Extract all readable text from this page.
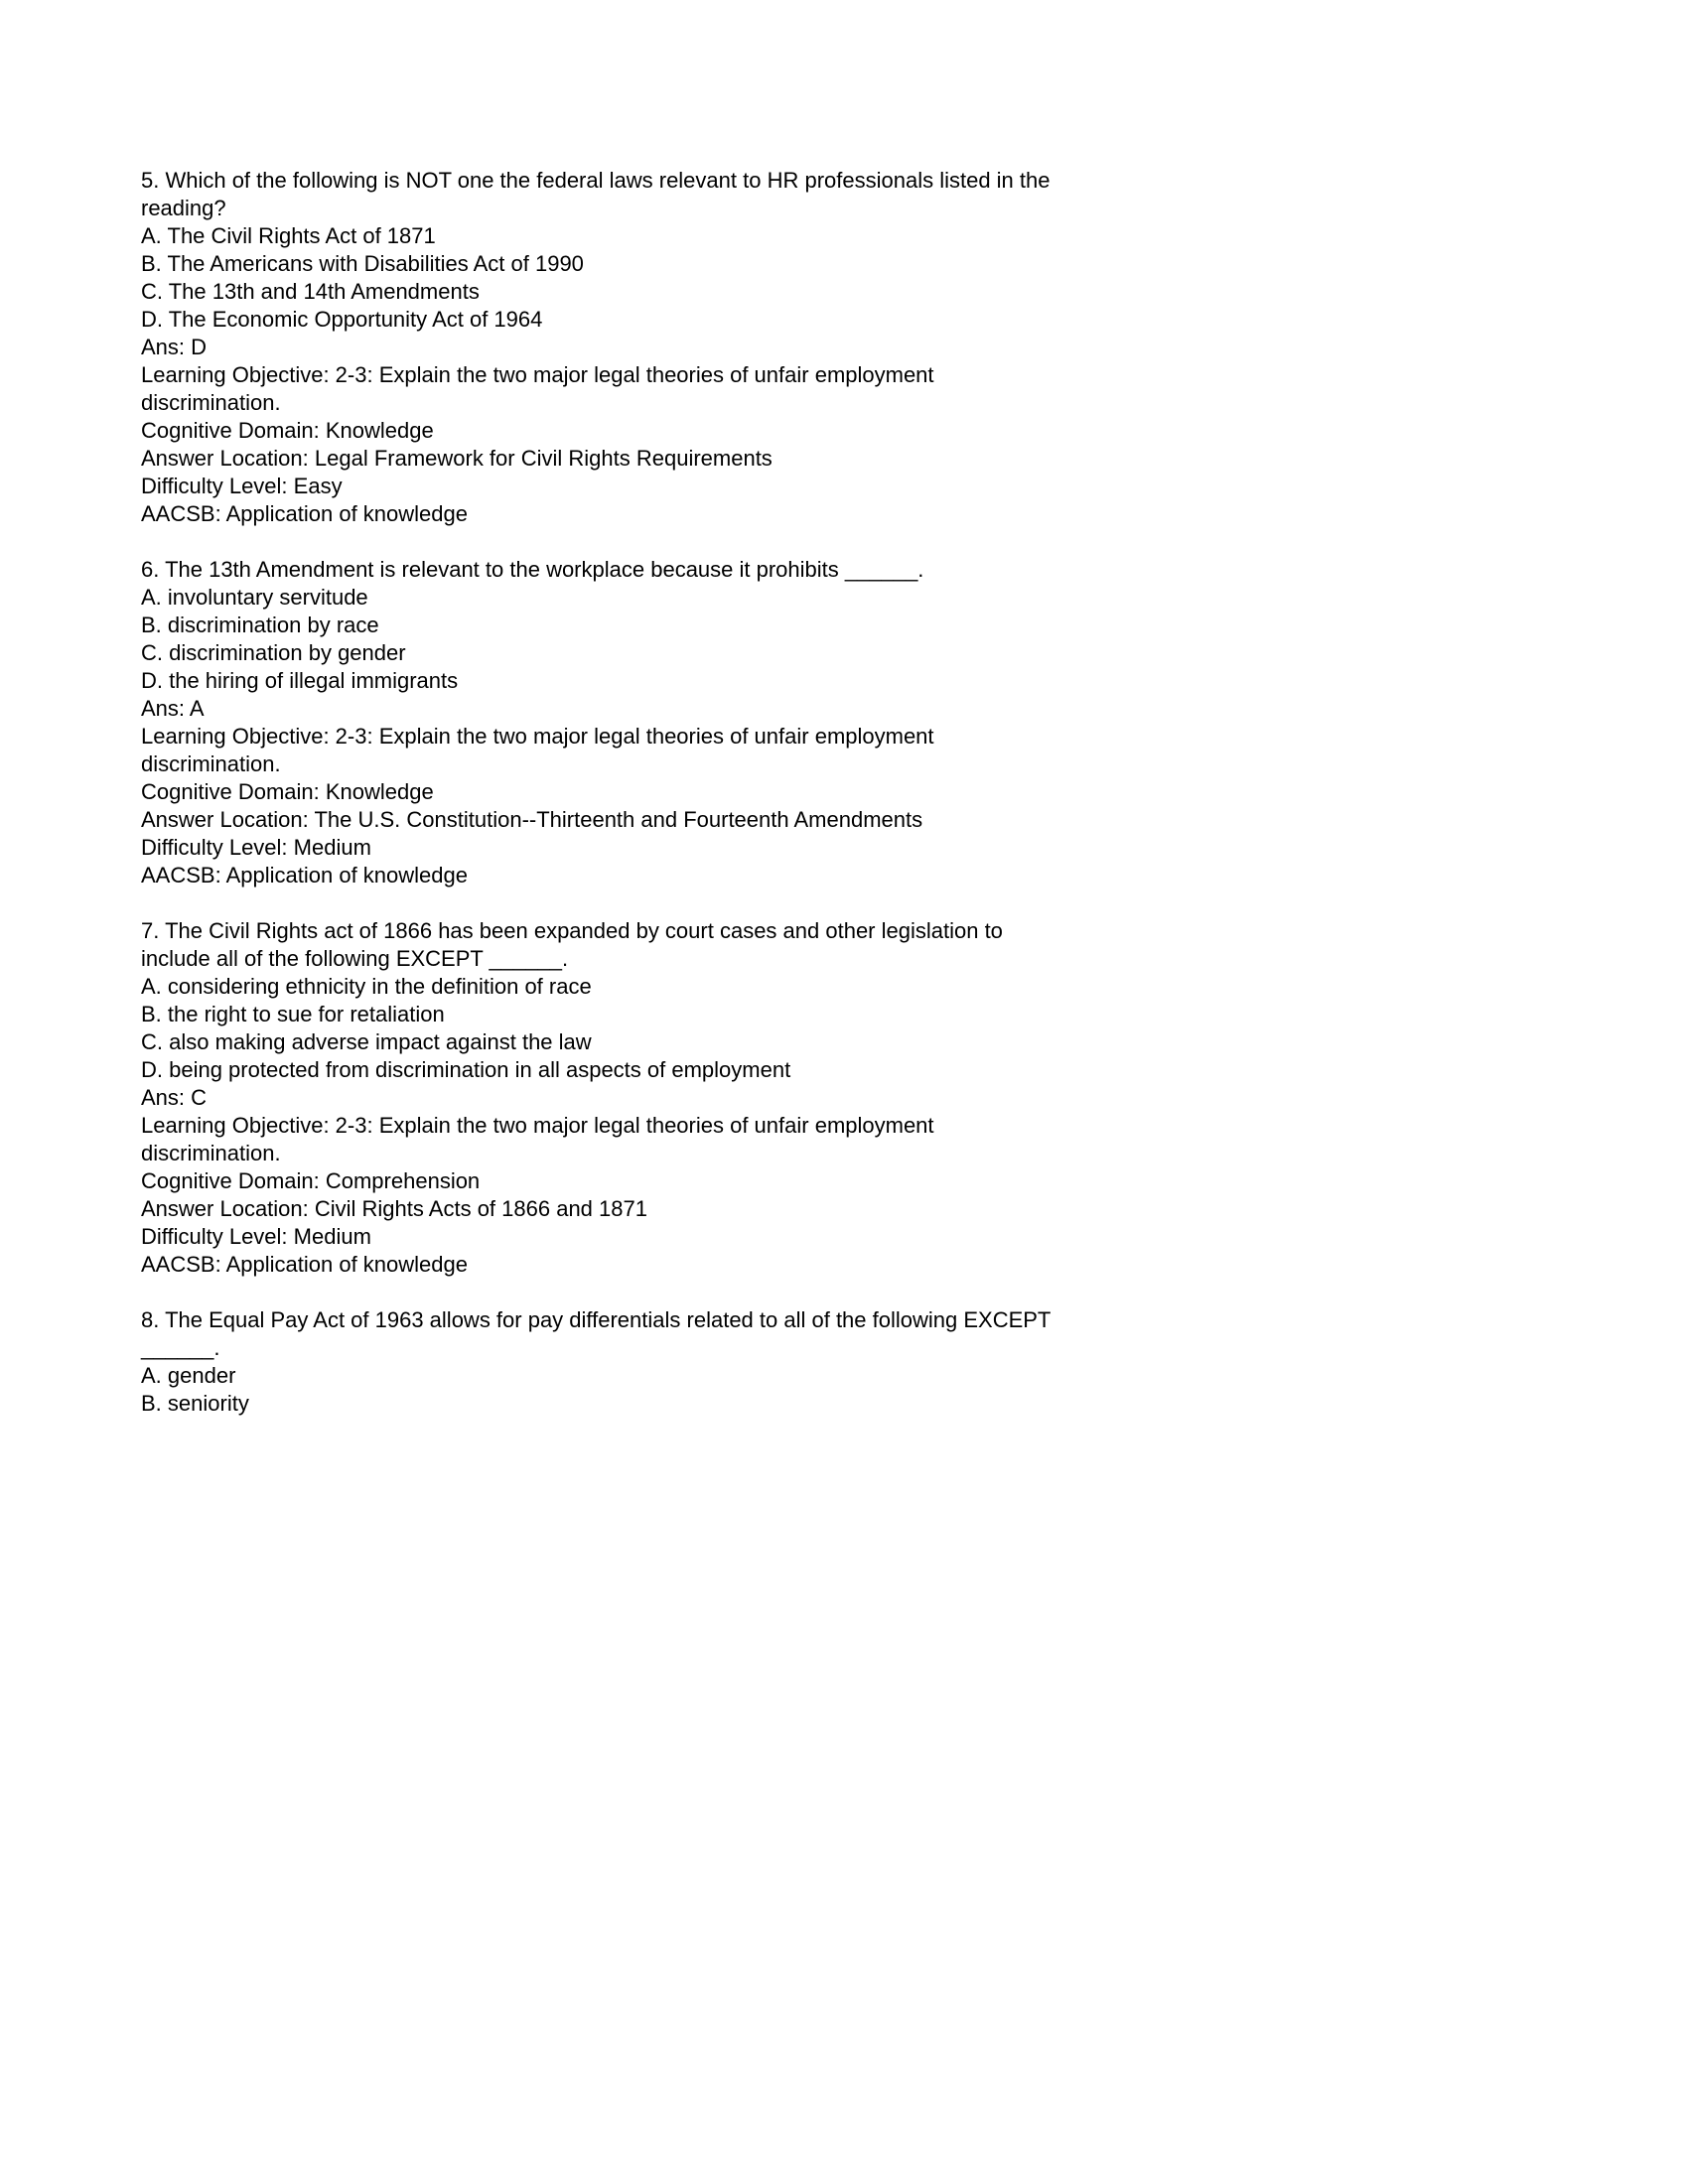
5. Which of the following is NOT one the federal laws relevant to HR professionals listed in the reading?

A. The Civil Rights Act of 1871

B. The Americans with Disabilities Act of 1990

C. The 13th and 14th Amendments

D. The Economic Opportunity Act of 1964

Ans: D

Learning Objective: 2-3: Explain the two major legal theories of unfair employment discrimination.

Cognitive Domain: Knowledge

Answer Location: Legal Framework for Civil Rights Requirements

Difficulty Level: Easy

AACSB: Application of knowledge

6. The 13th Amendment is relevant to the workplace because it prohibits ______.

A. involuntary servitude

B. discrimination by race

C. discrimination by gender

D. the hiring of illegal immigrants

Ans: A

Learning Objective: 2-3: Explain the two major legal theories of unfair employment discrimination.

Cognitive Domain: Knowledge

Answer Location: The U.S. Constitution--Thirteenth and Fourteenth Amendments

Difficulty Level: Medium

AACSB: Application of knowledge

7. The Civil Rights act of 1866 has been expanded by court cases and other legislation to include all of the following EXCEPT ______.

A. considering ethnicity in the definition of race

B. the right to sue for retaliation

C. also making adverse impact against the law

D. being protected from discrimination in all aspects of employment

Ans: C

Learning Objective: 2-3: Explain the two major legal theories of unfair employment discrimination.

Cognitive Domain: Comprehension

Answer Location: Civil Rights Acts of 1866 and 1871

Difficulty Level: Medium

AACSB: Application of knowledge

8. The Equal Pay Act of 1963 allows for pay differentials related to all of the following EXCEPT ______.

A. gender

B. seniority
